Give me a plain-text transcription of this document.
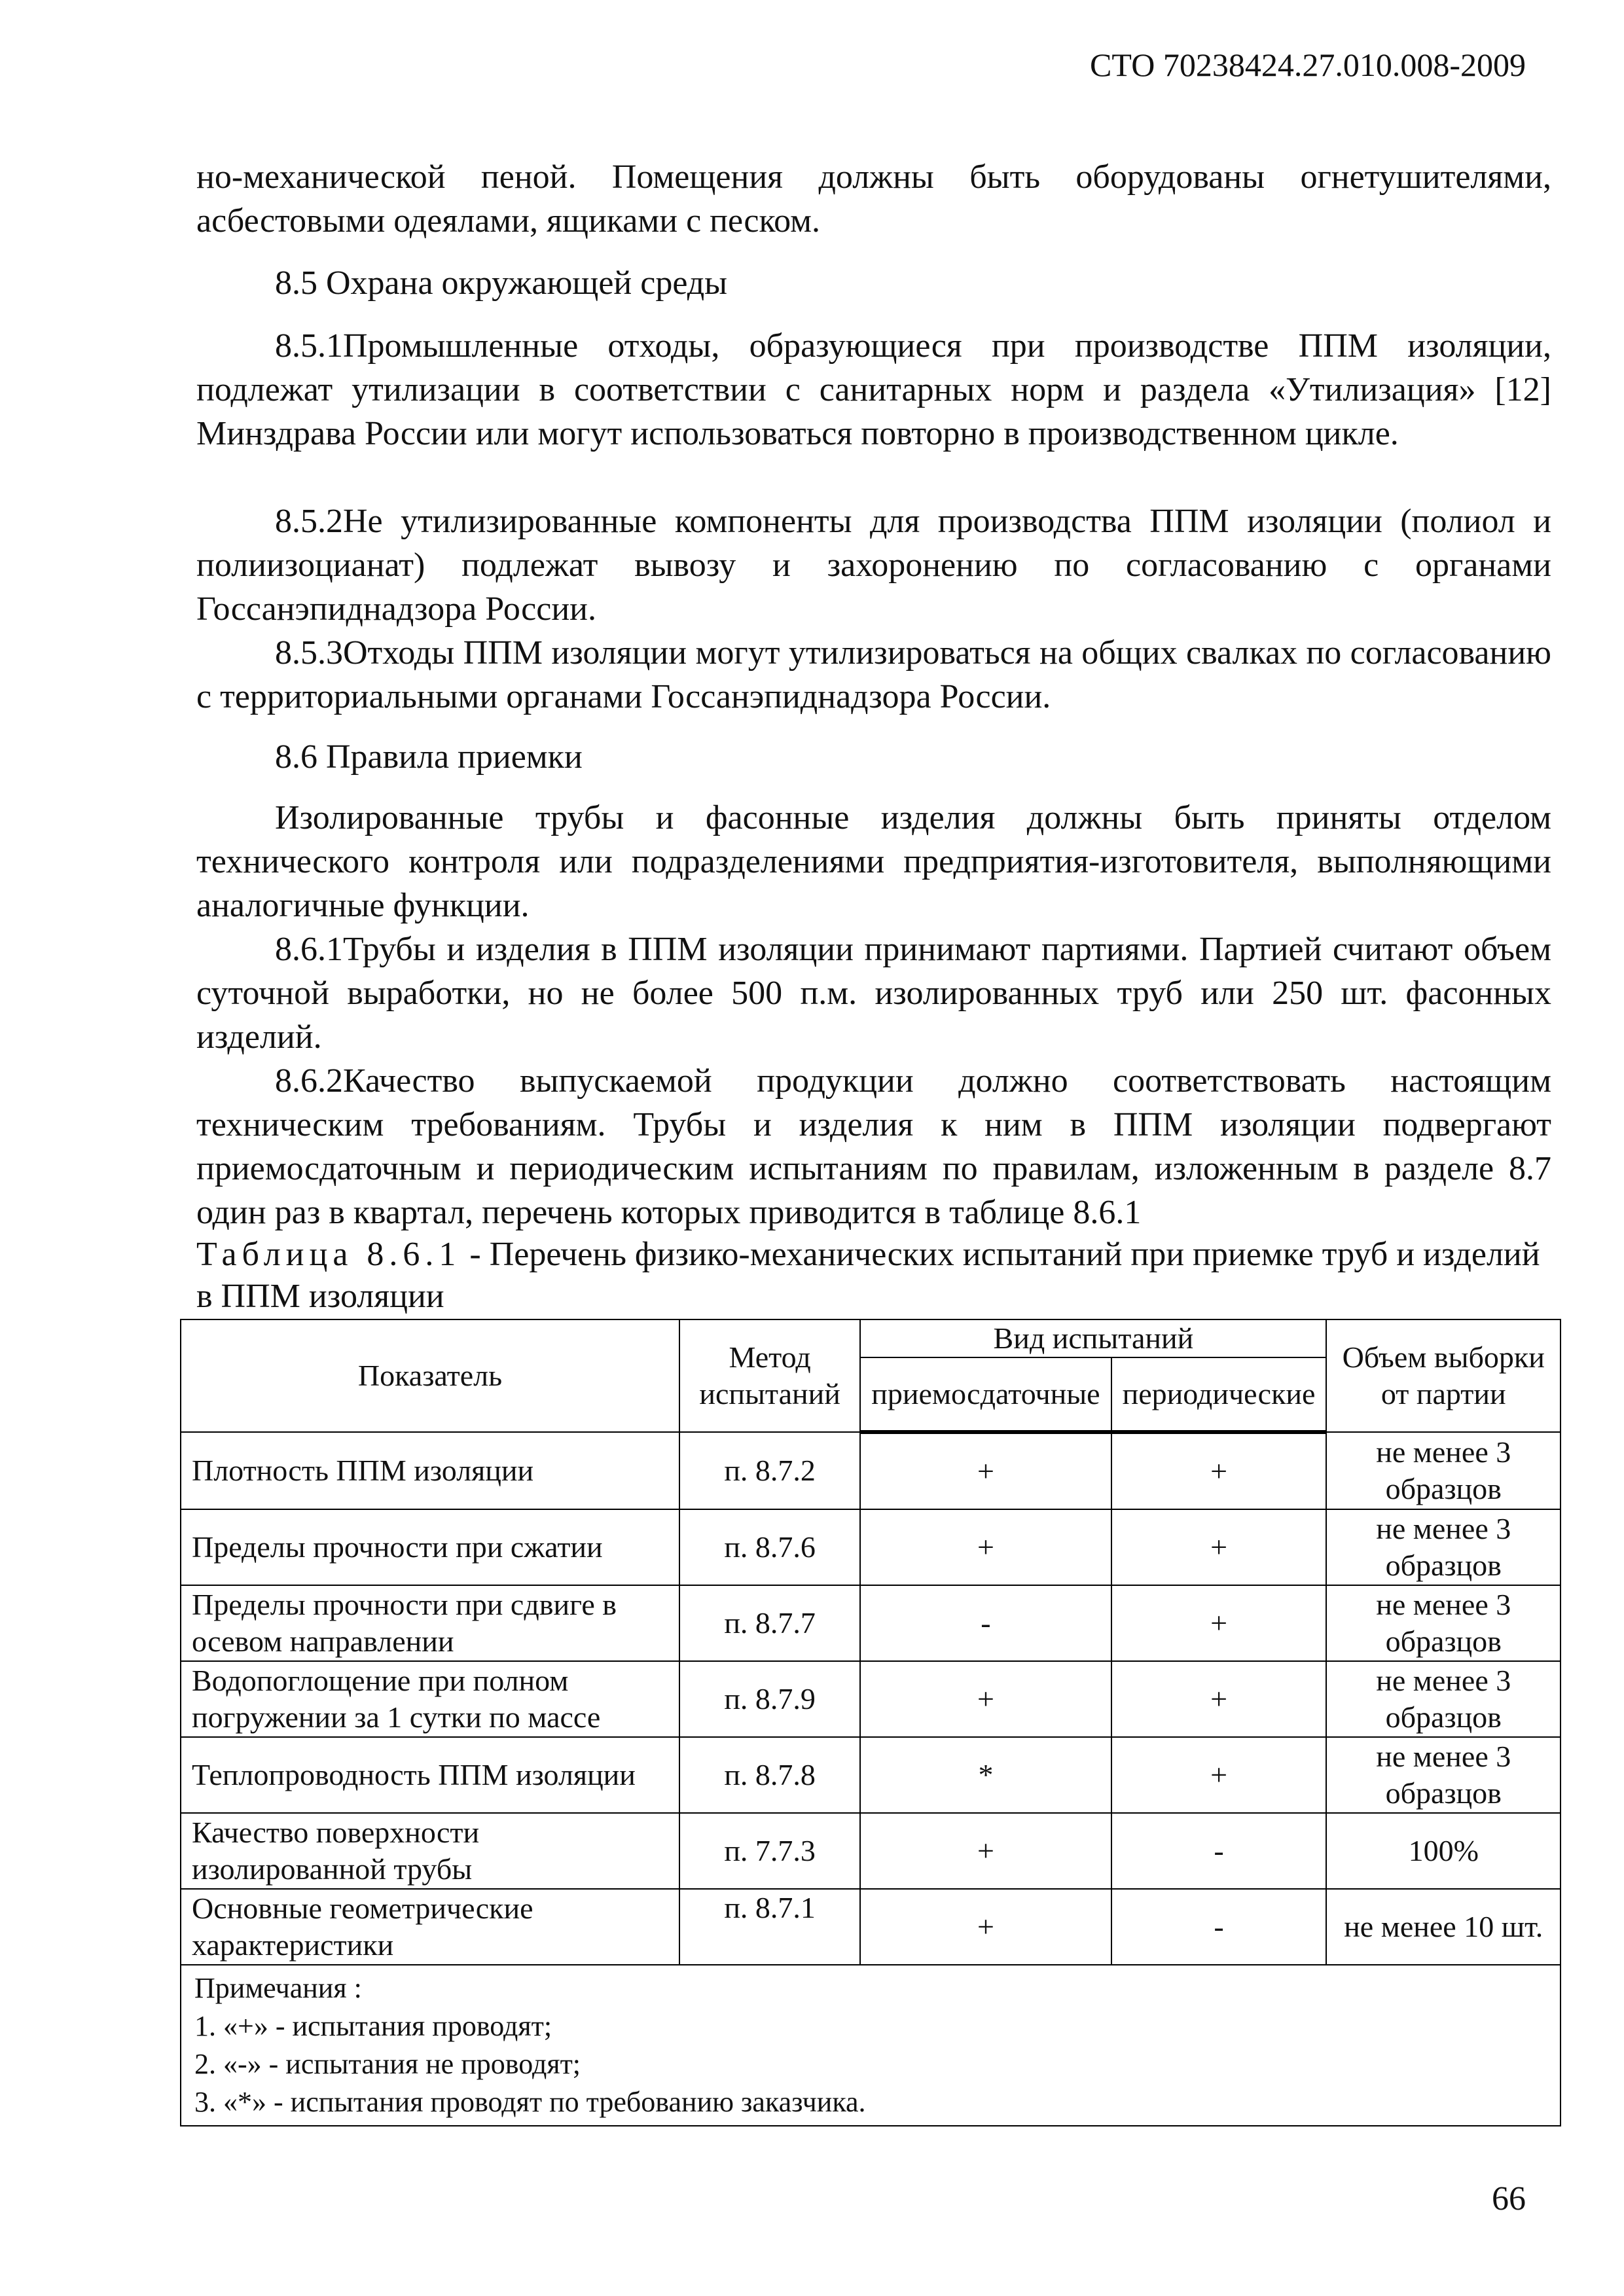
СТО 70238424.27.010.008-2009

но-механической пеной. Помещения должны быть оборудованы огнетушителями, асбестовыми одеялами, ящиками с песком.

8.5 Охрана окружающей среды

8.5.1Промышленные отходы, образующиеся при производстве ППМ изоляции, подлежат утилизации в соответствии с санитарных норм и раздела «Утилизация» [12] Минздрава России или могут использоваться повторно в производственном цикле.

8.5.2Не утилизированные компоненты для производства ППМ изоляции (полиол и полиизоцианат) подлежат вывозу и захоронению по согласованию с органами Госсанэпиднадзора России.

8.5.3Отходы ППМ изоляции могут утилизироваться на общих свалках по согласованию с территориальными органами Госсанэпиднадзора России.

8.6 Правила приемки

Изолированные трубы и фасонные изделия должны быть приняты отделом технического контроля или подразделениями предприятия-изготовителя, выполняющими аналогичные функции.

8.6.1Трубы и изделия в ППМ изоляции принимают партиями. Партией считают объем суточной выработки, но не более 500 п.м. изолированных труб или 250 шт. фасонных изделий.

8.6.2Качество выпускаемой продукции должно соответствовать настоящим техническим требованиям. Трубы и изделия к ним в ППМ изоляции подвергают приемосдаточным и периодическим испытаниям по правилам, изложенным в разделе 8.7 один раз в квартал, перечень которых приводится в таблице 8.6.1

Таблица 8.6.1 - Перечень физико-механических испытаний при приемке труб и изделий в ППМ изоляции
Показатель	Метод испытаний	Вид испытаний		Объем выборки от партии
		приемосдаточные	периодические	
Плотность ППМ изоляции	п. 8.7.2	+	+	не менее 3 образцов
Пределы прочности при сжатии	п. 8.7.6	+	+	не менее 3 образцов
Пределы прочности при сдвиге в осевом направлении	п. 8.7.7	-	+	не менее 3 образцов
Водопоглощение при полном погружении за 1 сутки по массе	п. 8.7.9	+	+	не менее 3 образцов
Теплопроводность ППМ изоляции	п. 8.7.8	*	+	не менее 3 образцов
Качество поверхности изолированной трубы	п. 7.7.3	+	-	100%
Основные геометрические характеристики	п. 8.7.1	+	-	не менее 10 шт.

Примечания :
1. «+» - испытания проводят;
2. «-» - испытания не проводят;
3. «*» - испытания проводят по требованию заказчика.				
66
